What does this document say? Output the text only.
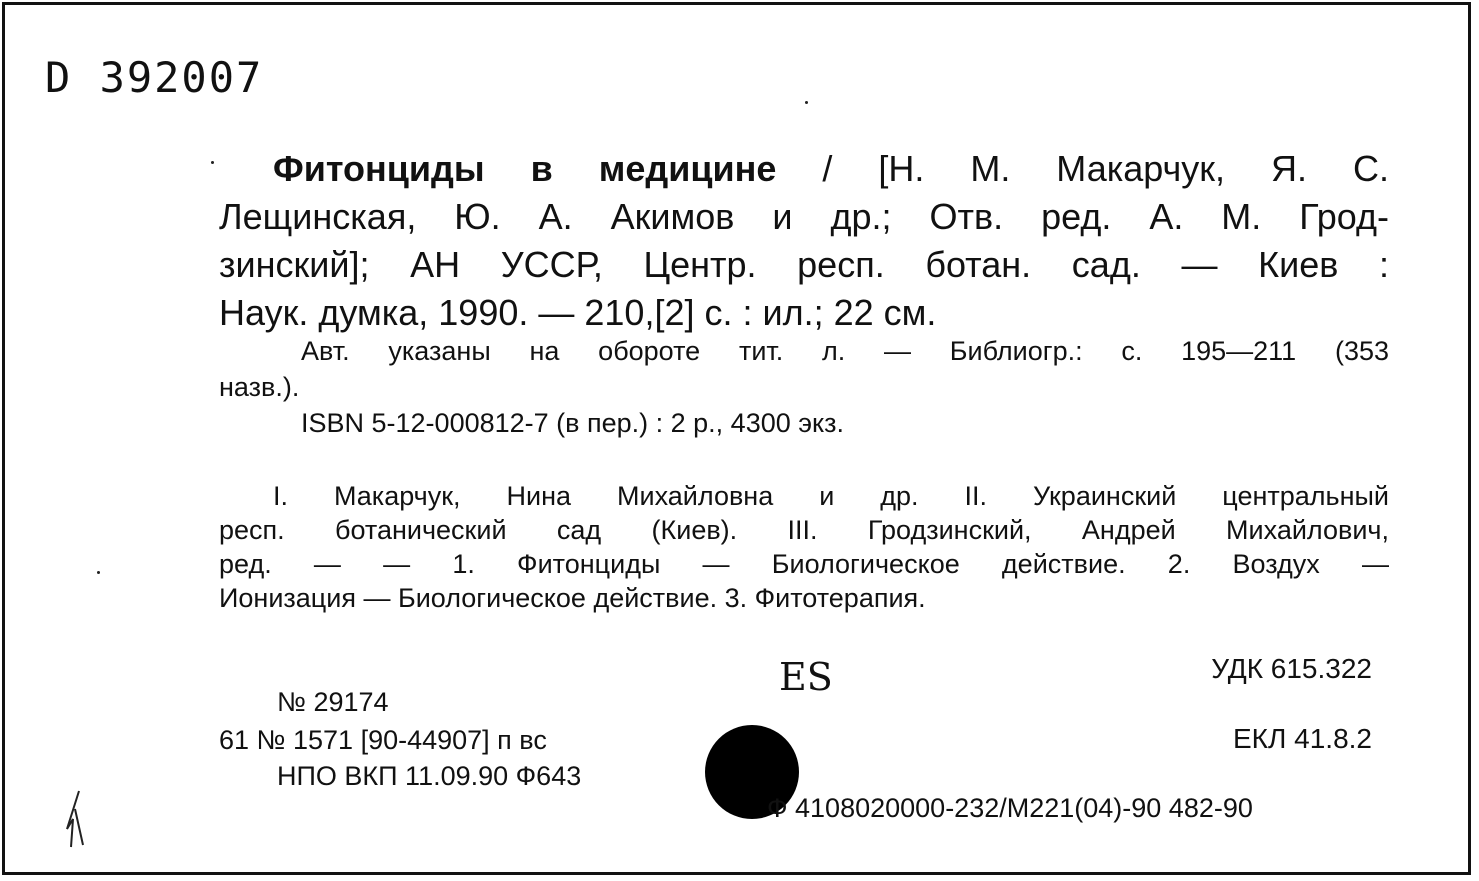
D 392007
Фитонциды в медицине / [Н. М. Макарчук, Я. С.
Лещинская, Ю. А. Акимов и др.; Отв. ред. А. М. Грод-
зинский]; АН УССР, Центр. респ. ботан. сад. — Киев :
Наук. думка, 1990. — 210,[2] с. : ил.; 22 см.
Авт. указаны на обороте тит. л. — Библиогр.: с. 195—211 (353
назв.).
ISBN 5-12-000812-7 (в пер.) : 2 р., 4300 экз.
I. Макарчук, Нина Михайловна и др. II. Украинский центральный
респ. ботанический сад (Киев). III. Гродзинский, Андрей Михайлович,
ред. — — 1. Фитонциды — Биологическое действие. 2. Воздух —
Ионизация — Биологическое действие. 3. Фитотерапия.
ES	УДК 615.322
ЕКЛ 41.8.2
№ 29174
61 № 1571 [90-44907] п вс
НПО ВКП 11.09.90 Ф643
Ф 4108020000-232/М221(04)-90 482-90
